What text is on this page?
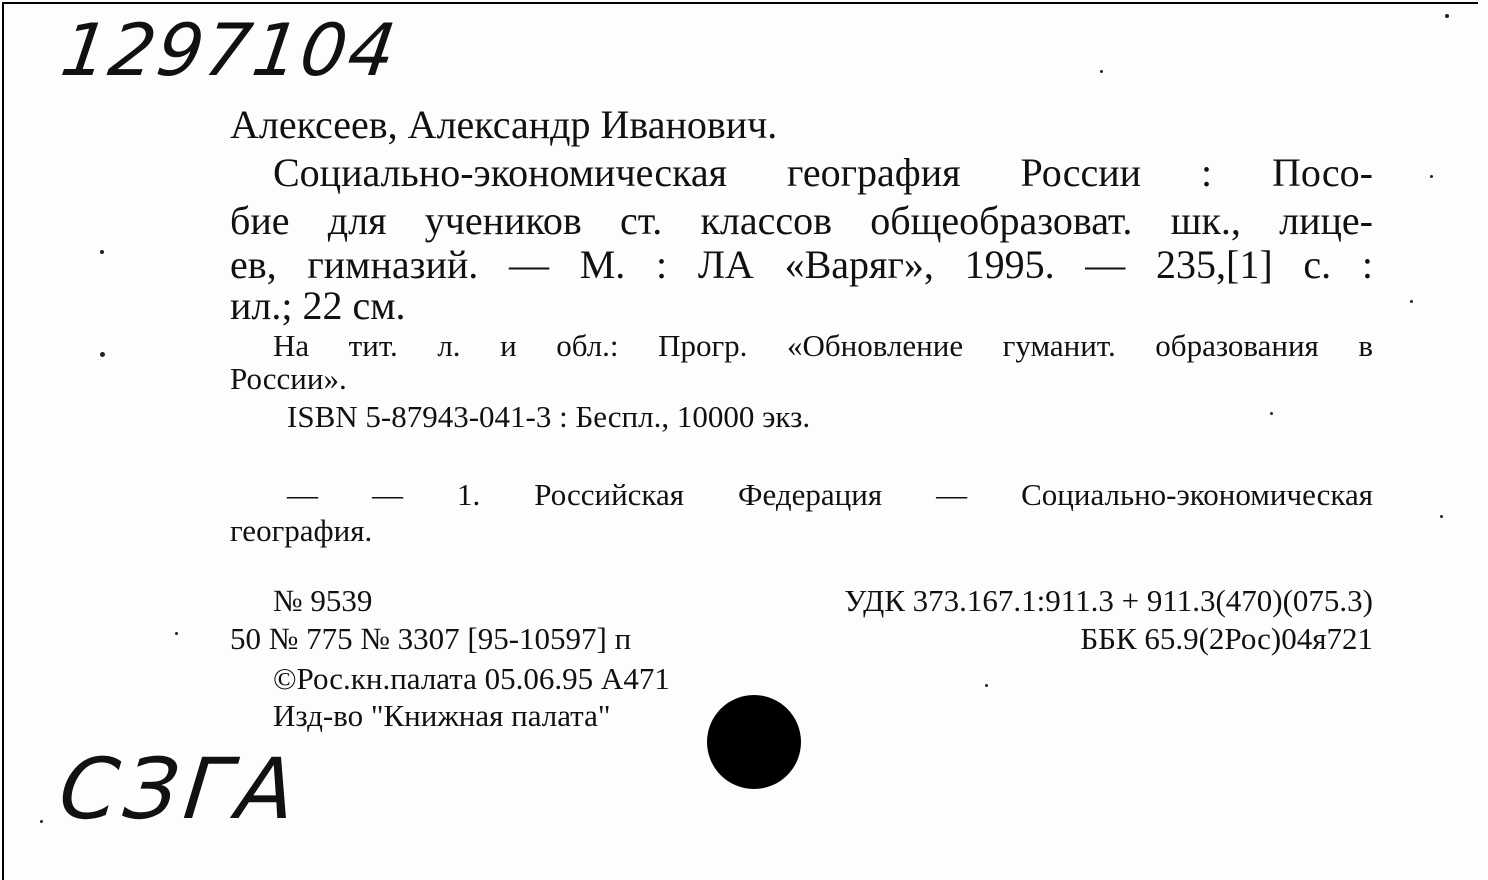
1297104
Алексеев, Александр Иванович.
Социально-экономическая география России : Посо-
бие для учеников ст. классов общеобразоват. шк., лице-
ев, гимназий. — М. : ЛА «Варяг», 1995. — 235,[1] с. :
ил.; 22 см.
На тит. л. и обл.: Прогр. «Обновление гуманит. образования в
России».
ISBN 5-87943-041-3 : Беспл., 10000 экз.
— — 1. Российская Федерация — Социально-экономическая
география.
№ 9539	УДК 373.167.1:911.3 + 911.3(470)(075.3)
50 № 775 № 3307 [95-10597] п	ББК 65.9(2Рос)04я721
©Рос.кн.палата 05.06.95 А471
Изд-во "Книжная палата"
СЗГА
